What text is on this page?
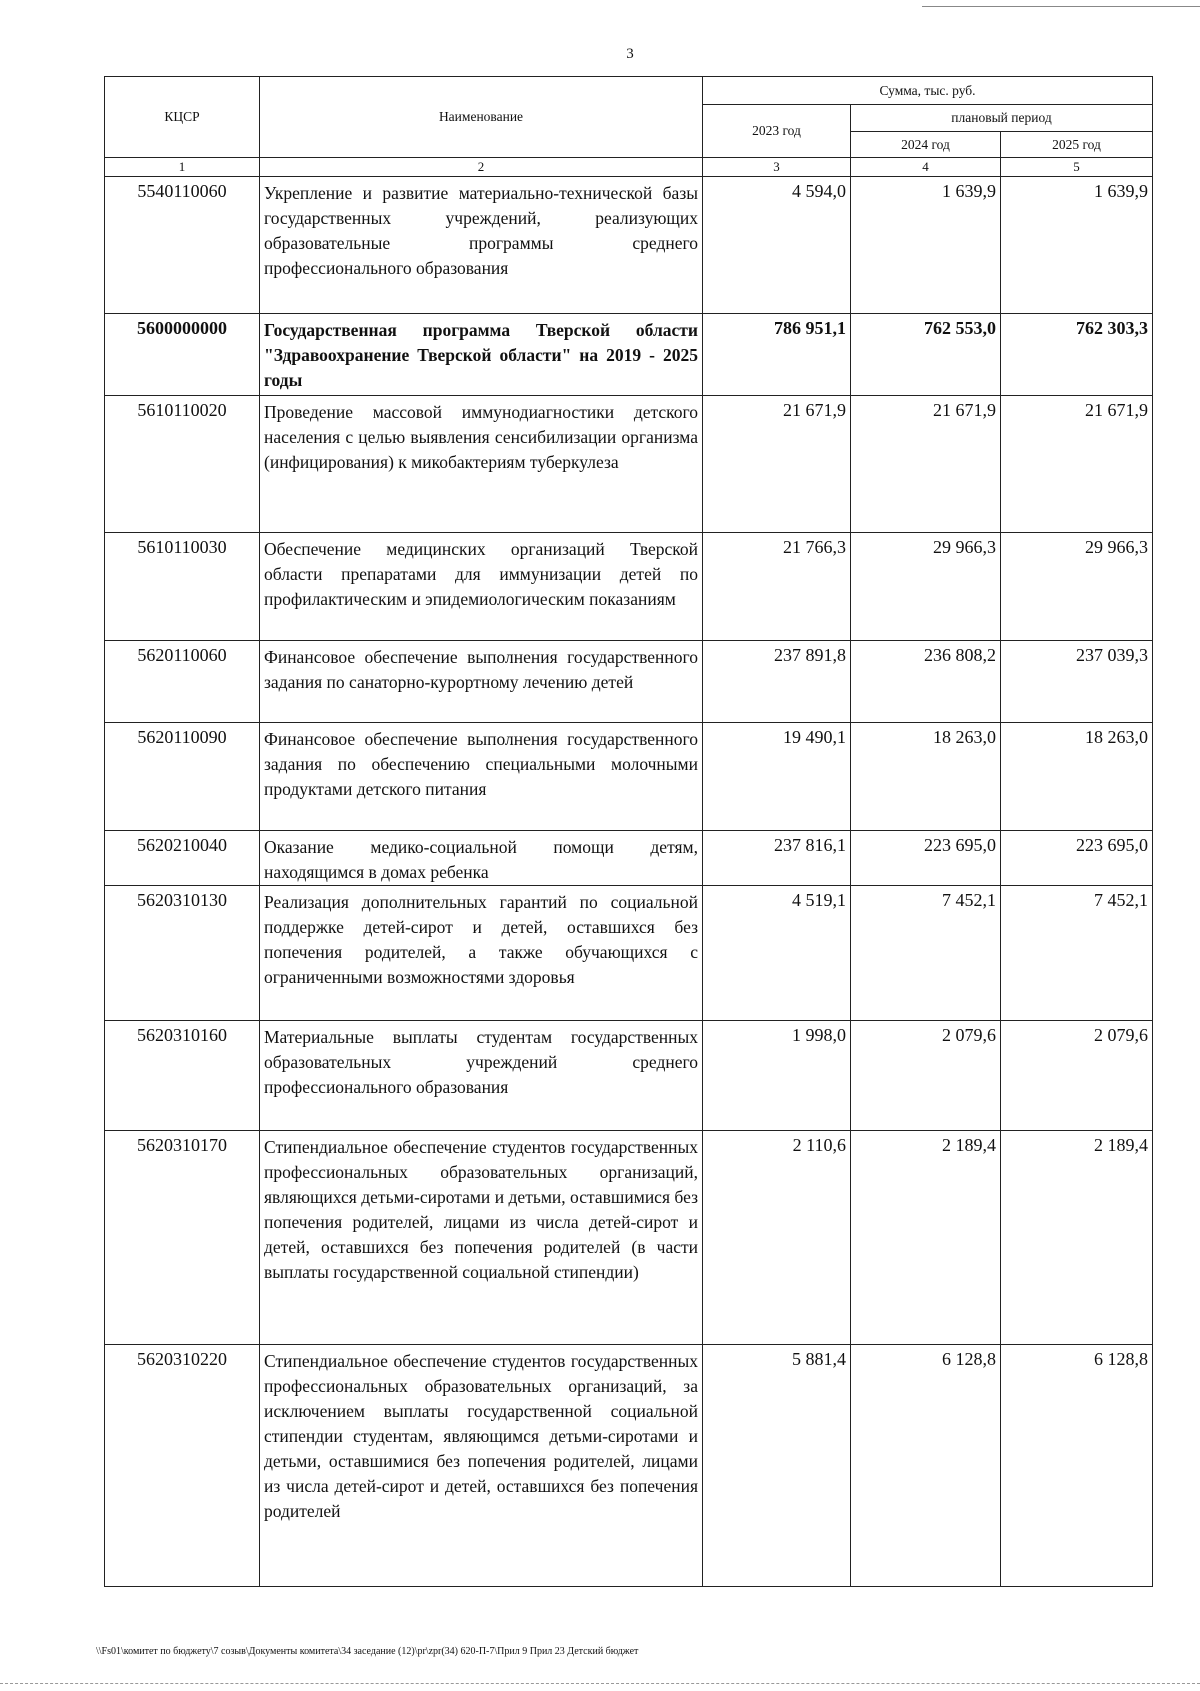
3
КЦСР	Наименование	Сумма, тыс. руб.		
		2023 год	плановый период	
			2024 год	2025 год
1	2	3	4	5
5540110060	Укрепление и развитие материально-технической базы государственных учреждений, реализующих образовательные программы среднего профессионального образования	4 594,0	1 639,9	1 639,9
5600000000	Государственная программа Тверской области "Здравоохранение Тверской области" на 2019 - 2025 годы	786 951,1	762 553,0	762 303,3
5610110020	Проведение массовой иммунодиагностики детского населения с целью выявления сенсибилизации организма (инфицирования) к микобактериям туберкулеза	21 671,9	21 671,9	21 671,9
5610110030	Обеспечение медицинских организаций Тверской области препаратами для иммунизации детей по профилактическим и эпидемиологическим показаниям	21 766,3	29 966,3	29 966,3
5620110060	Финансовое обеспечение выполнения государственного задания по санаторно-курортному лечению детей	237 891,8	236 808,2	237 039,3
5620110090	Финансовое обеспечение выполнения государственного задания по обеспечению специальными молочными продуктами детского питания	19 490,1	18 263,0	18 263,0
5620210040	Оказание медико-социальной помощи детям, находящимся в домах ребенка	237 816,1	223 695,0	223 695,0
5620310130	Реализация дополнительных гарантий по социальной поддержке детей-сирот и детей, оставшихся без попечения родителей, а также обучающихся с ограниченными возможностями здоровья	4 519,1	7 452,1	7 452,1
5620310160	Материальные выплаты студентам государственных образовательных учреждений среднего профессионального образования	1 998,0	2 079,6	2 079,6
5620310170	Стипендиальное обеспечение студентов государственных профессиональных образовательных организаций, являющихся детьми-сиротами и детьми, оставшимися без попечения родителей, лицами из числа детей-сирот и детей, оставшихся без попечения родителей (в части выплаты государственной социальной стипендии)	2 110,6	2 189,4	2 189,4
5620310220	Стипендиальное обеспечение студентов государственных профессиональных образовательных организаций, за исключением выплаты государственной социальной стипендии студентам, являющимся детьми-сиротами и детьми, оставшимися без попечения родителей, лицами из числа детей-сирот и детей, оставшихся без попечения родителей	5 881,4	6 128,8	6 128,8
\\Fs01\комитет по бюджету\7 созыв\Документы комитета\34 заседание (12)\pr\zpr(34) 620-П-7\Прил 9 Прил 23 Детский бюджет
